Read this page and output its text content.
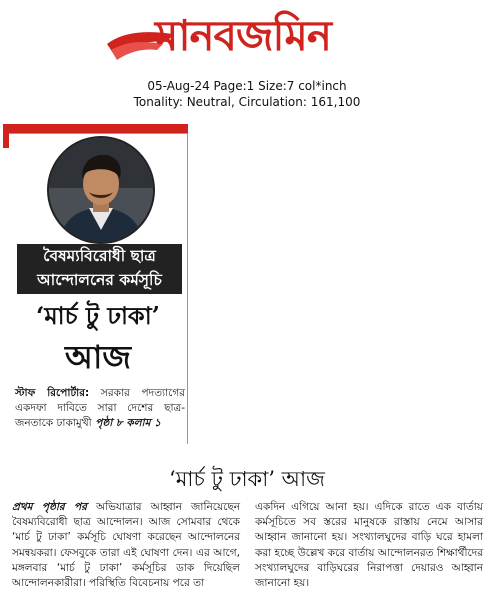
মানবজমিন
05-Aug-24 Page:1 Size:7 col*inch
Tonality: Neutral, Circulation: 161,100
বৈষম্যবিরোধী ছাত্র
আন্দোলনের কর্মসূচি
‘মার্চ টু ঢাকা’
আজ
স্টাফ রিপোর্টার: সরকার পদত্যাগের একদফা দাবিতে সারা দেশের ছাত্র-জনতাকে ঢাকামুখী পৃষ্ঠা ৮ কলাম ১
‘মার্চ টু ঢাকা’ আজ
প্রথম পৃষ্ঠার পর অভিযাত্রার আহ্বান জানিয়েছেন বৈষম্যবিরোধী ছাত্র আন্দোলন। আজ সোমবার থেকে ‘মার্চ টু ঢাকা’ কর্মসূচি ঘোষণা করেছেন আন্দোলনের সমন্বয়করা। ফেসবুকে তারা এই ঘোষণা দেন। এর আগে, মঙ্গলবার ‘মার্চ টু ঢাকা’ কর্মসূচির ডাক দিয়েছিল আন্দোলনকারীরা। পরিস্থিতি বিবেচনায় পরে তা
একদিন এগিয়ে আনা হয়। এদিকে রাতে এক বার্তায় কর্মসূচিতে সব স্তরের মানুষকে রাস্তায় নেমে আসার আহ্বান জানানো হয়। সংখ্যালঘুদের বাড়ি ঘরে হামলা করা হচ্ছে উল্লেখ করে বার্তায় আন্দোলনরত শিক্ষার্থীদের সংখ্যালঘুদের বাড়িঘরের নিরাপত্তা দেয়ারও আহ্বান জানানো হয়।
